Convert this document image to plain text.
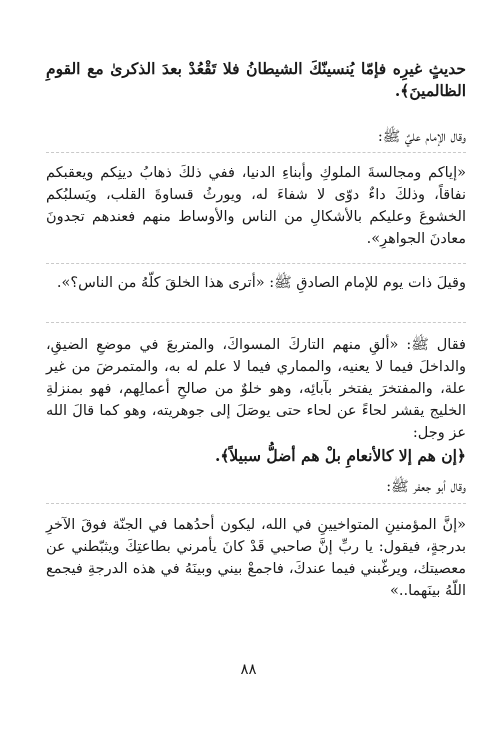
حديثٍ غيرِه فإمّا يُنسينّكَ الشيطانُ فلا تَقْعُدْ بعدَ الذكرىٰ مع القومِ الظالمينَ﴾.
وقال الإمام عليٌ ﷺ:
«إياكم ومجالسةَ الملوكِ وأبناءِ الدنيا، ففي ذلكَ ذهابُ دينِكم ويعقبكم نفاقاً، وذلكَ داءٌ دوّى لا شفاءَ له، ويورثُ قساوةَ القلب، ويَسلبُكم الخشوعَ وعليكم بالأشكالِ من الناس والأوساط منهم فعندهم تجدونَ معادنَ الجواهرِ».
وقيلَ ذات يوم للإمام الصادقِ ﷺ: «أترى هذا الخلقَ كلّهُ من الناس؟».
فقال ﷺ: «ألقِ منهم التاركَ المسواكَ، والمتربعَ في موضعِ الضيقِ، والداخلَ فيما لا يعنيه، والمماري فيما لا علم له به، والمتمرضَ من غير علة، والمفتخرَ يفتخر بآبائِه، وهو خلوٌ من صالحِ أعمالِهم، فهو بمنزلةِ الخليج يقشر لحاءً عن لحاء حتى يوصَلَ إلى جوهريته، وهو كما قالَ الله عز وجل:
﴿إن هم إلا كالأنعامِ بلْ هم أضلُّ سبيلاً﴾.
وقال أبو جعفر ﷺ:
«إنَّ المؤمنينِ المتواخيينِ في الله، ليكون أحدُهما في الجنّة فوقَ الآخرِ بدرجةٍ، فيقول: يا ربِّ إنَّ صاحبي قَدْ كانَ يأمرني بطاعتِكَ ويثبّطني عن معصيتك، ويرغّبني فيما عندكَ، فاجمعْ بيني وبينَهُ في هذه الدرجةِ فيجمع اللّهُ بينَهما..»
٨٨
